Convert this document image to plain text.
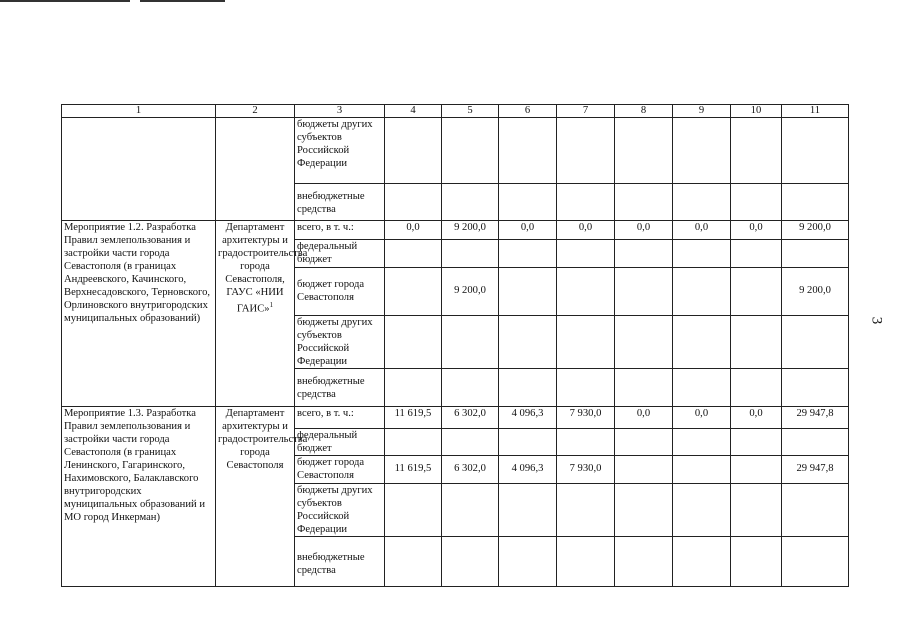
3
1	2	3	4	5	6	7	8	9	10	11
		бюджеты других субъектов Российской Федерации								
		внебюджетные средства								
Мероприятие 1.2. Разработка Правил землепользования и застройки части города Севастополя (в границах Андреевского, Качинского, Верхнесадовского, Терновского, Орлиновского внутригородских муниципальных образований)	Департамент архитектуры и градостроительства города Севастополя, ГАУС «НИИ ГАИС»$^1$	всего, в т. ч.:	0,0	9 200,0	0,0	0,0	0,0	0,0	0,0	9 200,0
		федеральный бюджет								
		бюджет города Севастополя		9 200,0						9 200,0
		бюджеты других субъектов Российской Федерации								
		внебюджетные средства								
Мероприятие 1.3. Разработка Правил землепользования и застройки части города Севастополя (в границах Ленинского, Гагаринского, Нахимовского, Балаклавского внутригородских муниципальных образований и МО город Инкерман)	Департамент архитектуры и градостроительства города Севастополя	всего, в т. ч.:	11 619,5	6 302,0	4 096,3	7 930,0	0,0	0,0	0,0	29 947,8
		федеральный бюджет								
		бюджет города Севастополя	11 619,5	6 302,0	4 096,3	7 930,0				29 947,8
		бюджеты других субъектов Российской Федерации								
		внебюджетные средства								
